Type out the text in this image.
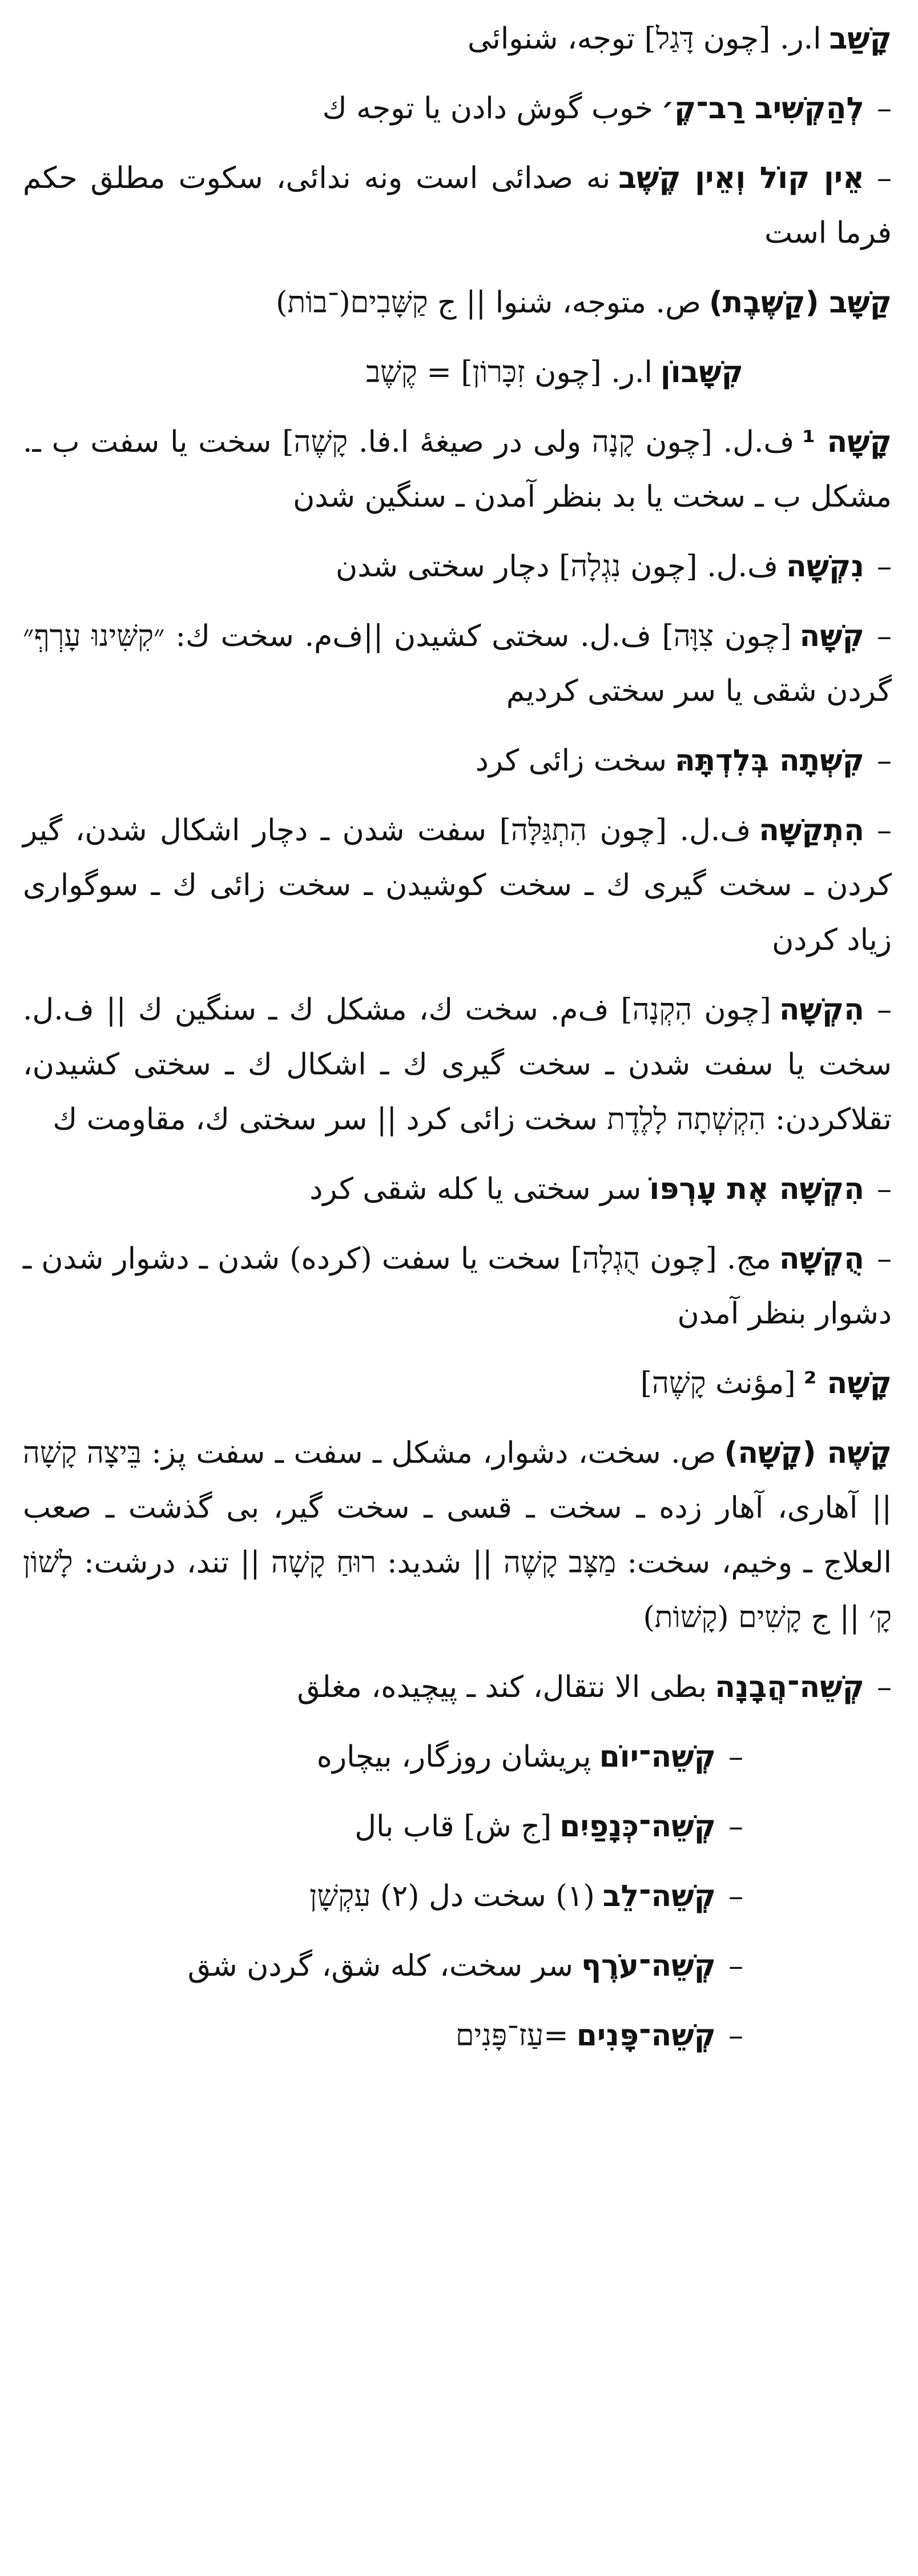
קָשַׁבا.ر. [چون דָּגַל] توجه، شنوائی
–לְהַקְשִׁיב רַב־קֶ׳خوب گوش دادن یا توجه ك
–אֵין קוֹל וְאֵין קֶשֶׁבنه صدائی است ونه ندائی، سکوت مطلق حکم فرما است
קַשָּׁב (קַשֶּׁבֶת)ص. متوجه، شنوا || ج קַשָּׁבִים(־בוֹת)
קִשָּׁבוֹןا.ر. [چون זִכָּרוֹן] = קֶשֶׁב
קָשָׁה ¹ف.ل. [چون קָנָה ولی در صیغهٔ ا.فا. קָשֶׁה] سخت یا سفت ب ـ. مشکل ب ـ سخت یا بد بنظر آمدن ـ سنگین شدن
–נִקְשָׁהف.ل. [چون נִגְלָה] دچار سختی شدن
–קִשָּׁה[چون צִוָּה] ف.ل. سختی کشیدن ||ف‌م. سخت ك: ״קִשִּׁינוּ עָרְףְ״ گردن شقی یا سر سختی کردیم
–קִשְּׁתָה בְּלִדְתָּהּسخت زائی کرد
–הִתְקַשָּׁהف.ل. [چون הִתְגַּלָּה] سفت شدن ـ دچار اشکال شدن، گیر کردن ـ سخت گیری ك ـ سخت کوشیدن ـ سخت زائی ك ـ سوگواری زیاد کردن
–הִקְשָׁה[چون הִקְנָה] ف‌م. سخت ك، مشکل ك ـ سنگین ك || ف.ل. سخت یا سفت شدن ـ سخت گیری ك ـ اشکال ك ـ سختی کشیدن، تقلاکردن: הִקְשְׁתָה לָלֶדֶת سخت زائی کرد || سر سختی ك، مقاومت ك
–הִקְשָׁה אֶת עָרְפּוֹسر سختی یا کله شقی کرد
–הֻקְשָׁהمج. [چون הֻגְלָה] سخت یا سفت (کرده) شدن ـ دشوار شدن ـ دشوار بنظر آمدن
קָשָׁה ²[مؤنث קָשֶׁה]
קָשֶׁה (קָשָׁה)ص. سخت، دشوار، مشکل ـ سفت ـ سفت پز: בֵּיצָה קָשָׁה || آهاری، آهار زده ـ سخت ـ قسی ـ سخت گیر، بی گذشت ـ صعب العلاج ـ وخیم، سخت: מַצָּב קָשֶׁה || شدید: רוּחַ קָשָׁה || تند، درشت: לָשׁוֹן קָ׳ || ج קָשִׁים (קָשׁוֹת)
–קְשֵׁה־הֲבָנָהبطی الا نتقال، کند ـ پیچیده، مغلق
–קְשֵׁה־יוֹםپریشان روزگار، بیچاره
–קְשֵׁה־כְּנָפַיִם[ج ش] قاب بال
–קְשֵׁה־לֵב(١) سخت دل (٢) עִקְשָׁן
–קְשֵׁה־עֹרֶףسر سخت، کله شق، گردن شق
–קְשֵׁה־פָּנִים=עַז־פָּנִים
